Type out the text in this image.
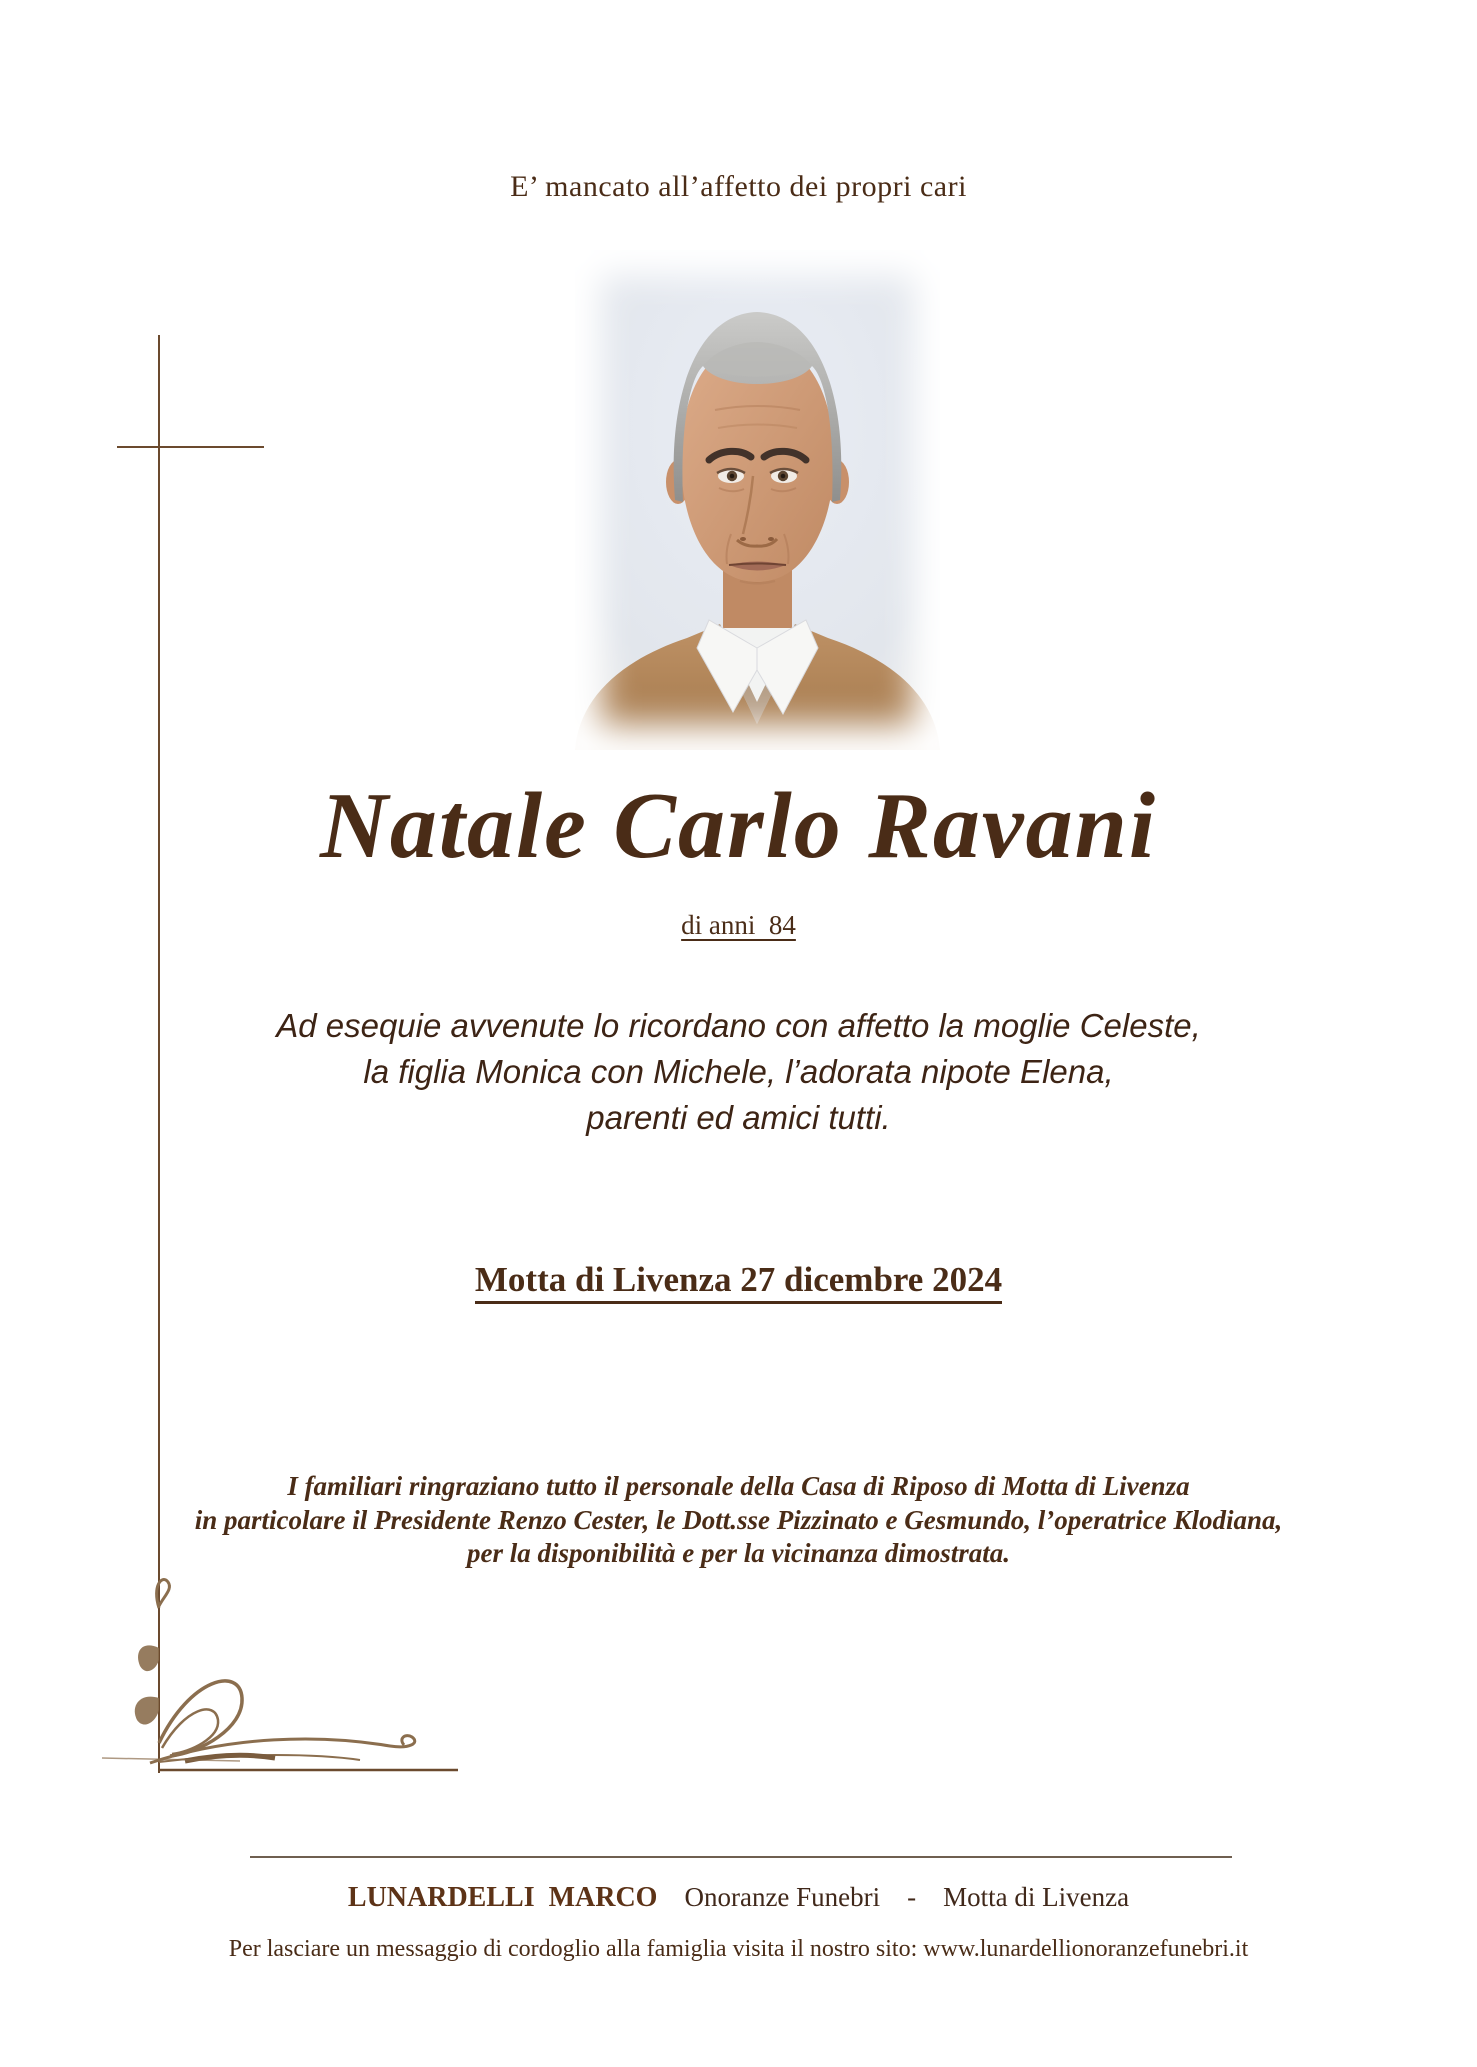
E’ mancato all’affetto dei propri cari
Natale Carlo Ravani
di anni  84
Ad esequie avvenute lo ricordano con affetto la moglie Celeste,
la figlia Monica con Michele, l’adorata nipote Elena,
parenti ed amici tutti.
Motta di Livenza 27 dicembre 2024
I familiari ringraziano tutto il personale della Casa di Riposo di Motta di Livenza
in particolare il Presidente Renzo Cester, le Dott.sse Pizzinato e Gesmundo, l’operatrice Klodiana,
per la disponibilità e per la vicinanza dimostrata.
LUNARDELLI  MARCO Onoranze Funebri - Motta di Livenza
Per lasciare un messaggio di cordoglio alla famiglia visita il nostro sito: www.lunardellionoranzefunebri.it
